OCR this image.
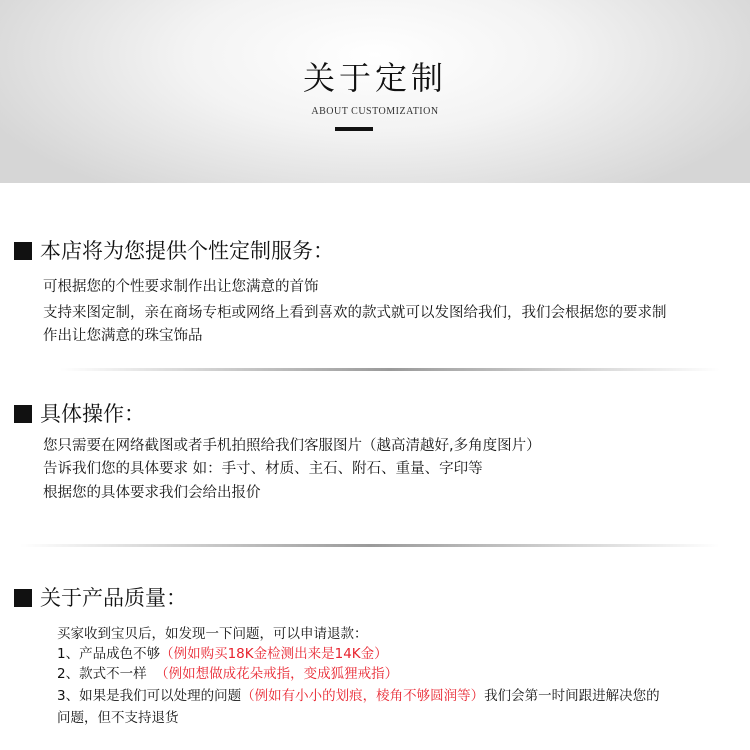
关于定制
ABOUT CUSTOMIZATION
本店将为您提供个性定制服务：
可根据您的个性要求制作出让您满意的首饰
支持来图定制，亲在商场专柜或网络上看到喜欢的款式就可以发图给我们，我们会根据您的要求制
作出让您满意的珠宝饰品
具体操作：
您只需要在网络截图或者手机拍照给我们客服图片（越高清越好,多角度图片）
告诉我们您的具体要求 如：手寸、材质、主石、附石、重量、字印等
根据您的具体要求我们会给出报价
关于产品质量：
买家收到宝贝后，如发现一下问题，可以申请退款：
1、产品成色不够（例如购买18K金检测出来是14K金）
2、款式不一样  （例如想做成花朵戒指，变成狐狸戒指）
3、如果是我们可以处理的问题（例如有小小的划痕，棱角不够圆润等）我们会第一时间跟进解决您的
问题，但不支持退货
